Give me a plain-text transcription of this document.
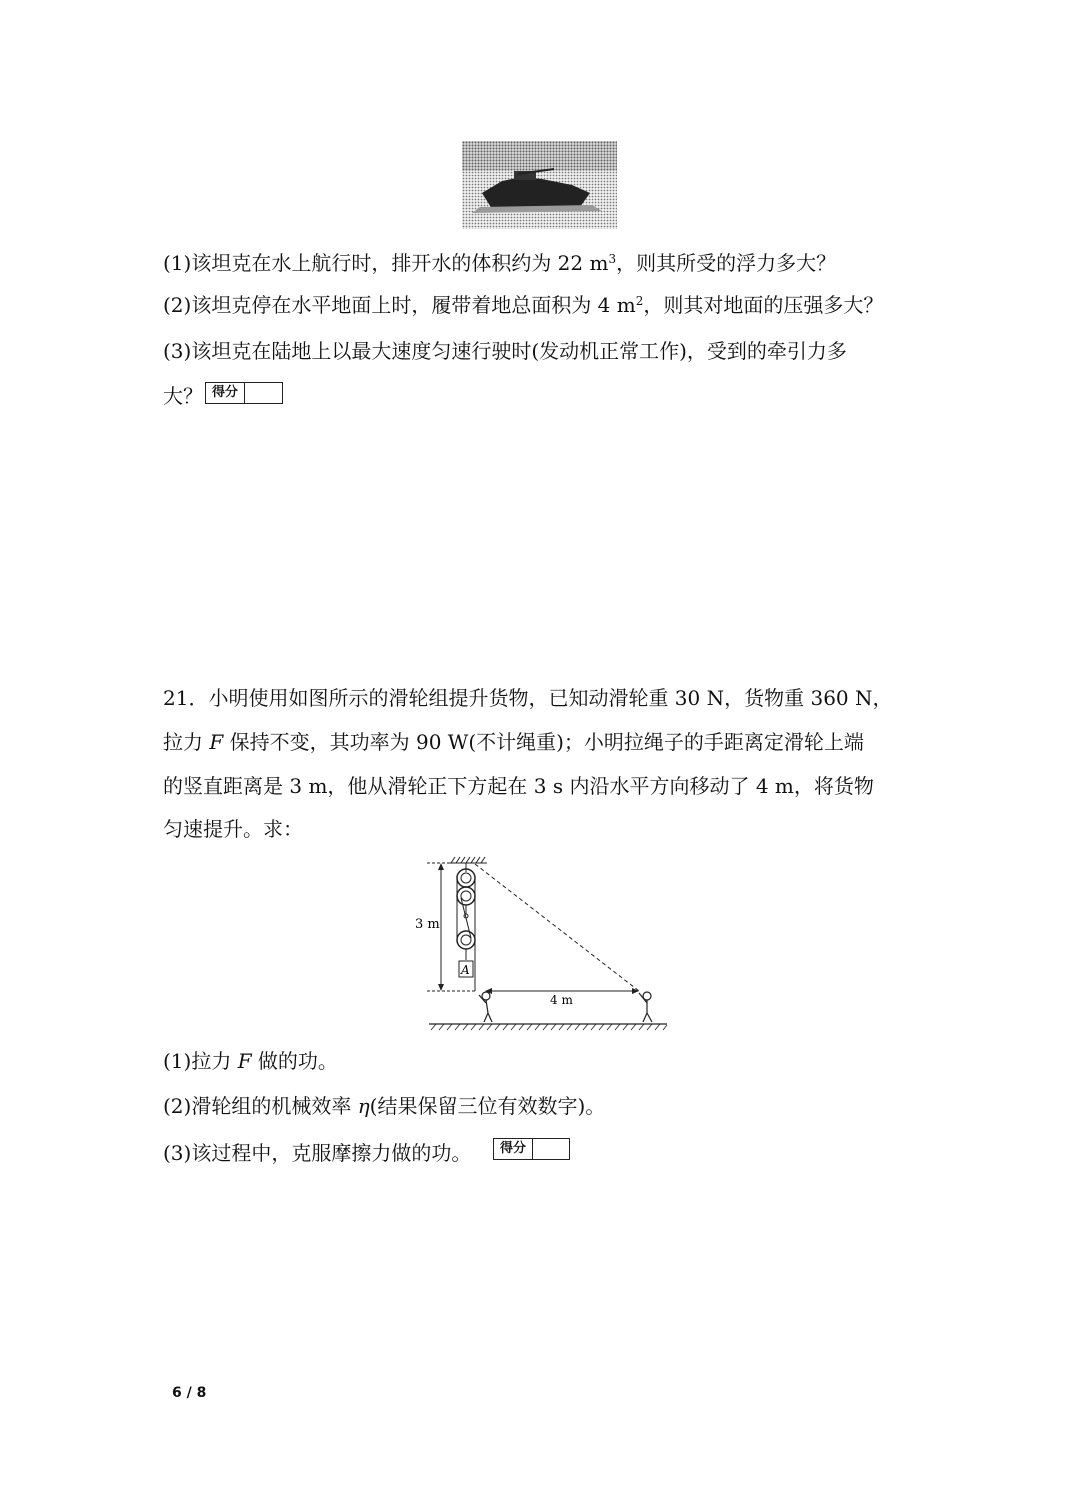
(1)该坦克在水上航行时，排开水的体积约为 22 $m^3$，则其所受的浮力多大？
(2)该坦克停在水平地面上时，履带着地总面积为 4 $m^2$，则其对地面的压强多大？
(3)该坦克在陆地上以最大速度匀速行驶时(发动机正常工作)，受到的牵引力多
大？ 得分
21．小明使用如图所示的滑轮组提升货物，已知动滑轮重 30 N，货物重 360 N，
拉力 F 保持不变，其功率为 90 W(不计绳重)；小明拉绳子的手距离定滑轮上端
的竖直距离是 3 m，他从滑轮正下方起在 3 s 内沿水平方向移动了 4 m，将货物
匀速提升。求：
3 m
A
4 m
(1)拉力 F 做的功。
(2)滑轮组的机械效率 η(结果保留三位有效数字)。
(3)该过程中，克服摩擦力做的功。	得分
6 / 8
